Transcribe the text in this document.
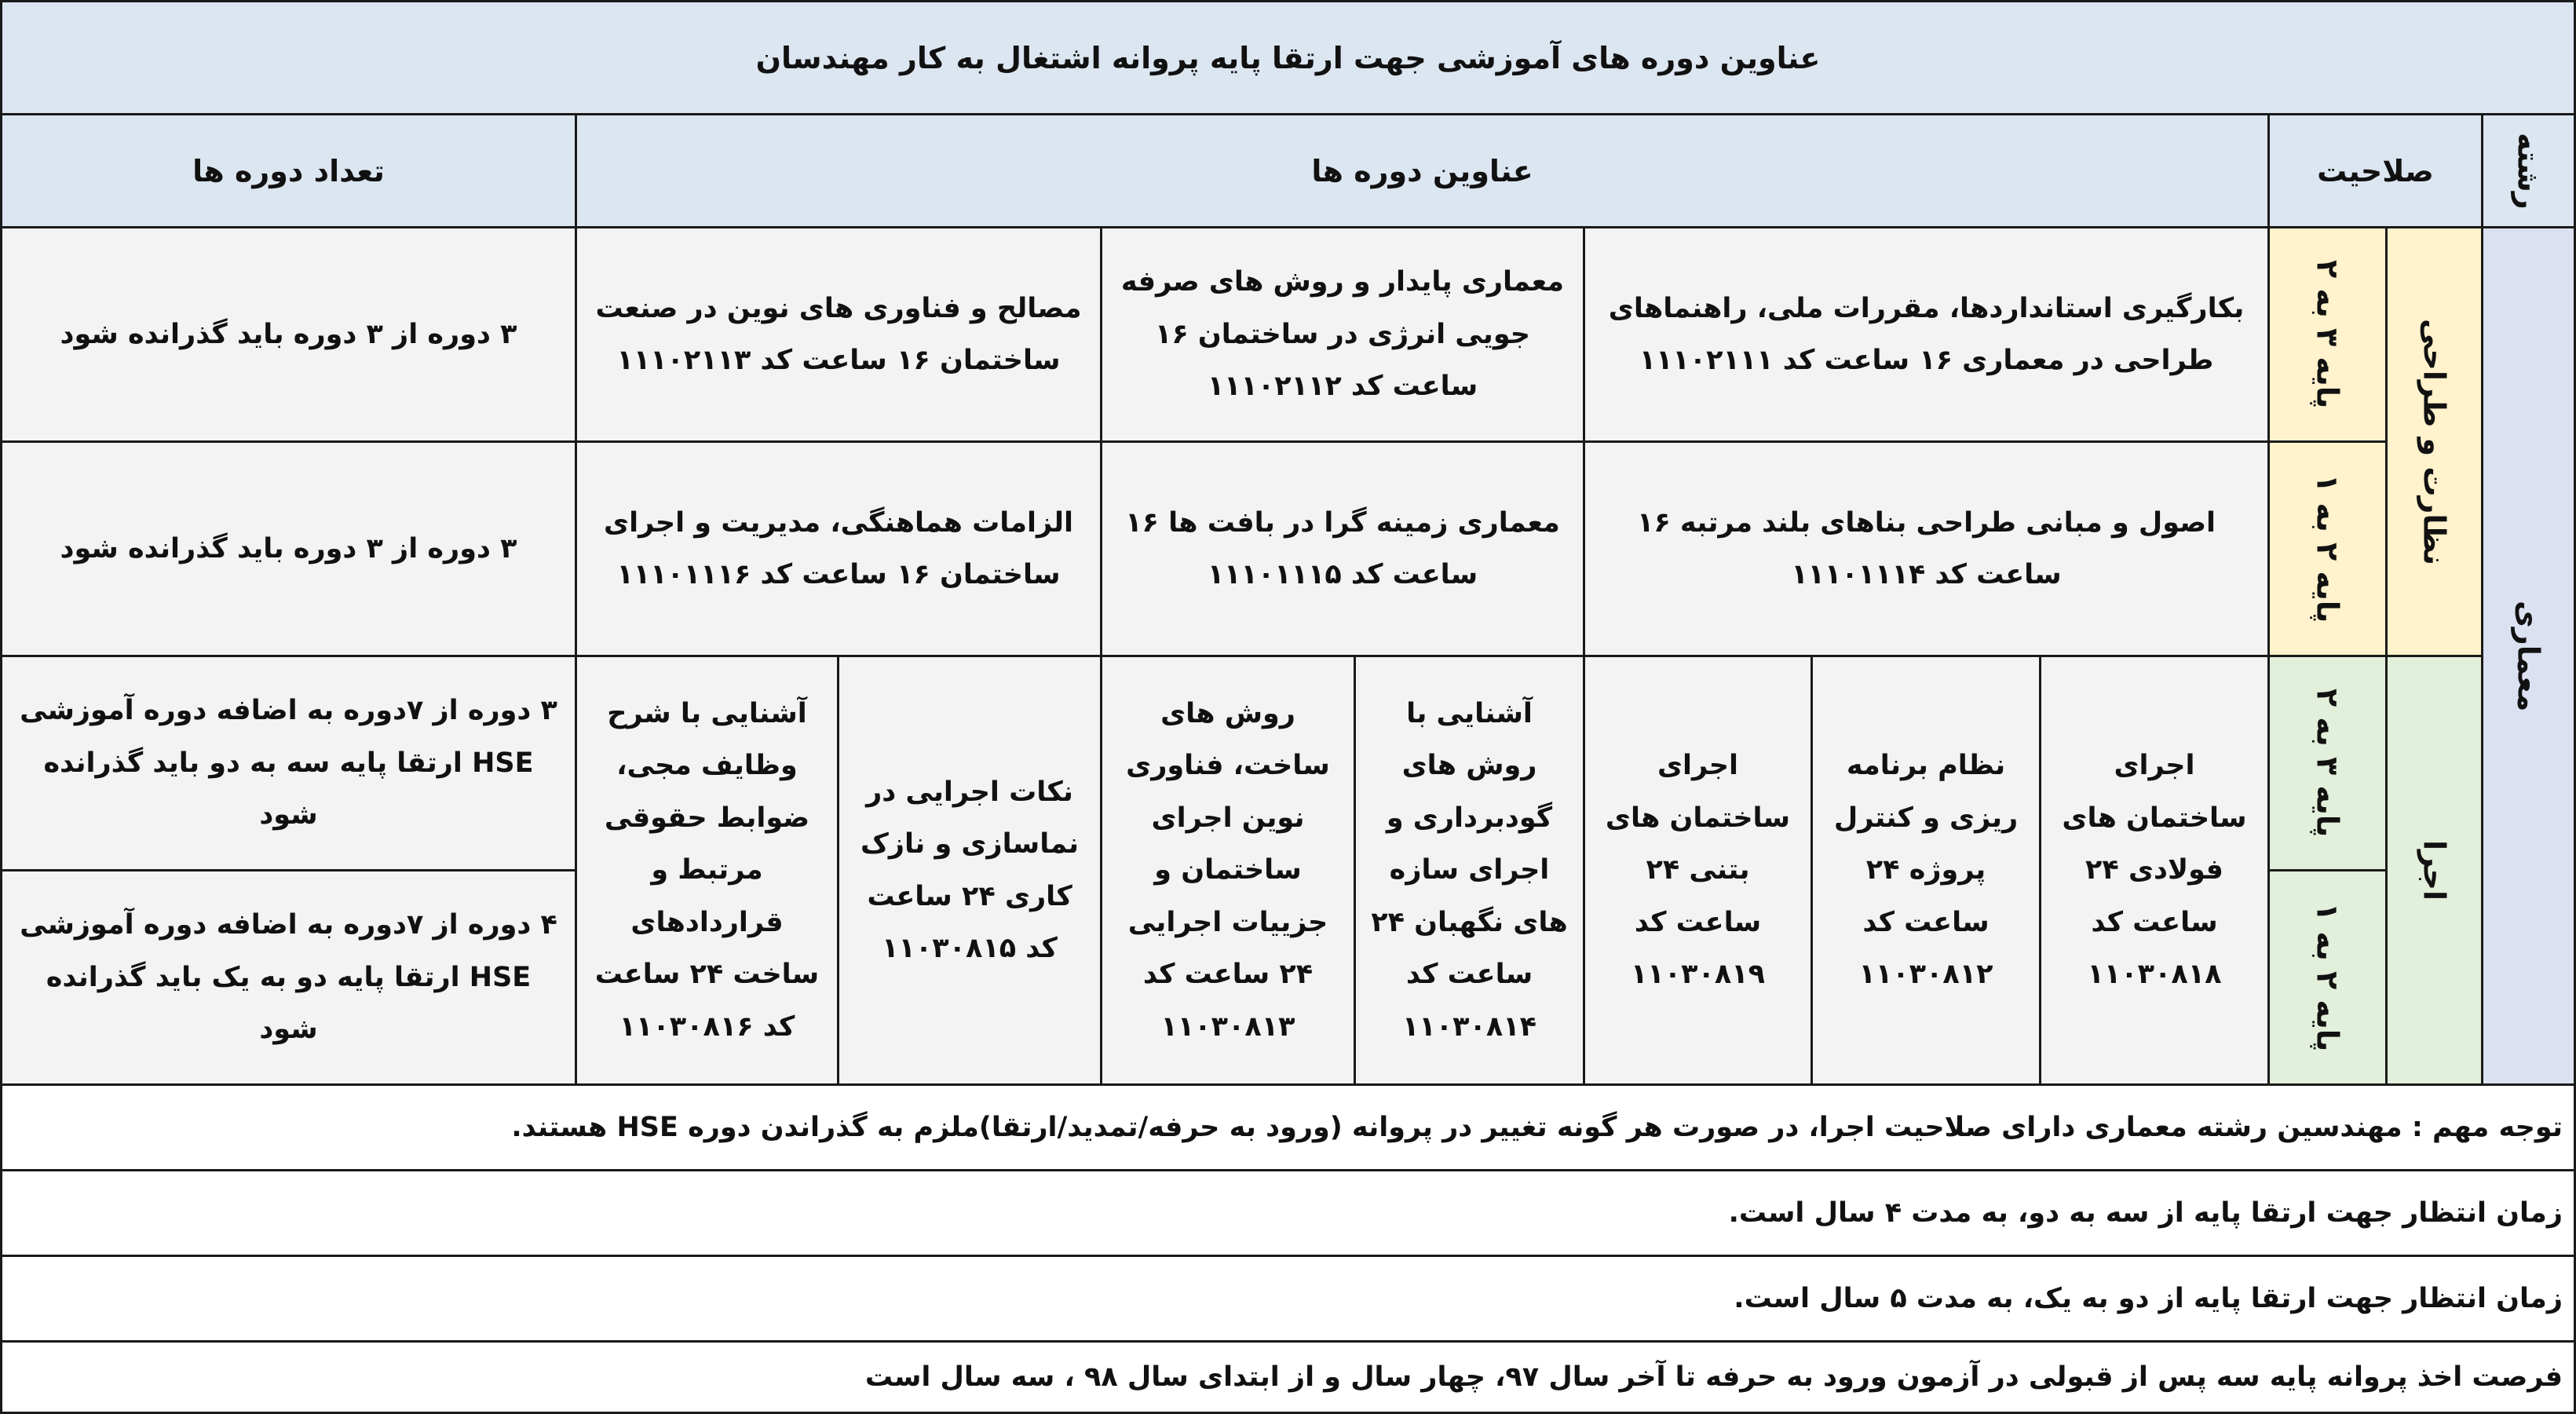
عناوین دوره های آموزشی جهت ارتقا پایه پروانه اشتغال به کار مهندسان
رشته
صلاحیت
عناوین دوره ها
تعداد دوره ها
معماری
نظارت و طراحی
اجرا
پایه ۳ به ۲
پایه ۲ به ۱
پایه ۳ به ۲
پایه ۲ به ۱
بکارگیری استانداردها، مقررات ملی، راهنماهای طراحی در معماری ۱۶ ساعت کد ۱۱۱۰۲۱۱۱
معماری پایدار و روش های صرفه جویی انرژی در ساختمان ۱۶ ساعت کد ۱۱۱۰۲۱۱۲
مصالح و فناوری های نوین در صنعت ساختمان ۱۶ ساعت کد ۱۱۱۰۲۱۱۳
۳ دوره از ۳ دوره باید گذرانده شود
اصول و مبانی طراحی بناهای بلند مرتبه ۱۶ ساعت کد ۱۱۱۰۱۱۱۴
معماری زمینه گرا در بافت ها ۱۶ ساعت کد ۱۱۱۰۱۱۱۵
الزامات هماهنگی، مدیریت و اجرای ساختمان ۱۶ ساعت کد ۱۱۱۰۱۱۱۶
۳ دوره از ۳ دوره باید گذرانده شود
اجرای ساختمان های فولادی ۲۴ ساعت کد ۱۱۰۳۰۸۱۸
نظام برنامه ریزی و کنترل پروژه ۲۴ ساعت کد ۱۱۰۳۰۸۱۲
اجرای ساختمان های بتنی ۲۴ ساعت کد ۱۱۰۳۰۸۱۹
آشنایی با روش های گودبرداری و اجرای سازه های نگهبان ۲۴ ساعت کد ۱۱۰۳۰۸۱۴
روش های ساخت، فناوری نوین اجرای ساختمان و جزییات اجرایی ۲۴ ساعت کد ۱۱۰۳۰۸۱۳
نکات اجرایی در نماسازی و نازک کاری ۲۴ ساعت کد ۱۱۰۳۰۸۱۵
آشنایی با شرح وظایف مجی، ضوابط حقوقی مرتبط و قراردادهای ساخت ۲۴ ساعت کد ۱۱۰۳۰۸۱۶
۳ دوره از ۷دوره به اضافه دوره آموزشی HSE ارتقا پایه سه به دو باید گذرانده شود
۴ دوره از ۷دوره به اضافه دوره آموزشی HSE ارتقا پایه دو به یک باید گذرانده شود
توجه مهم : مهندسین رشته معماری دارای صلاحیت اجرا، در صورت هر گونه تغییر در پروانه (ورود به حرفه/تمدید/ارتقا)ملزم به گذراندن دوره HSE هستند.
زمان انتظار جهت ارتقا پایه از سه به دو، به مدت ۴ سال است.
زمان انتظار جهت ارتقا پایه از دو به یک، به مدت ۵ سال است.
فرصت اخذ پروانه پایه سه پس از قبولی در آزمون ورود به حرفه تا آخر سال ۹۷، چهار سال و از ابتدای سال ۹۸ ، سه سال است
